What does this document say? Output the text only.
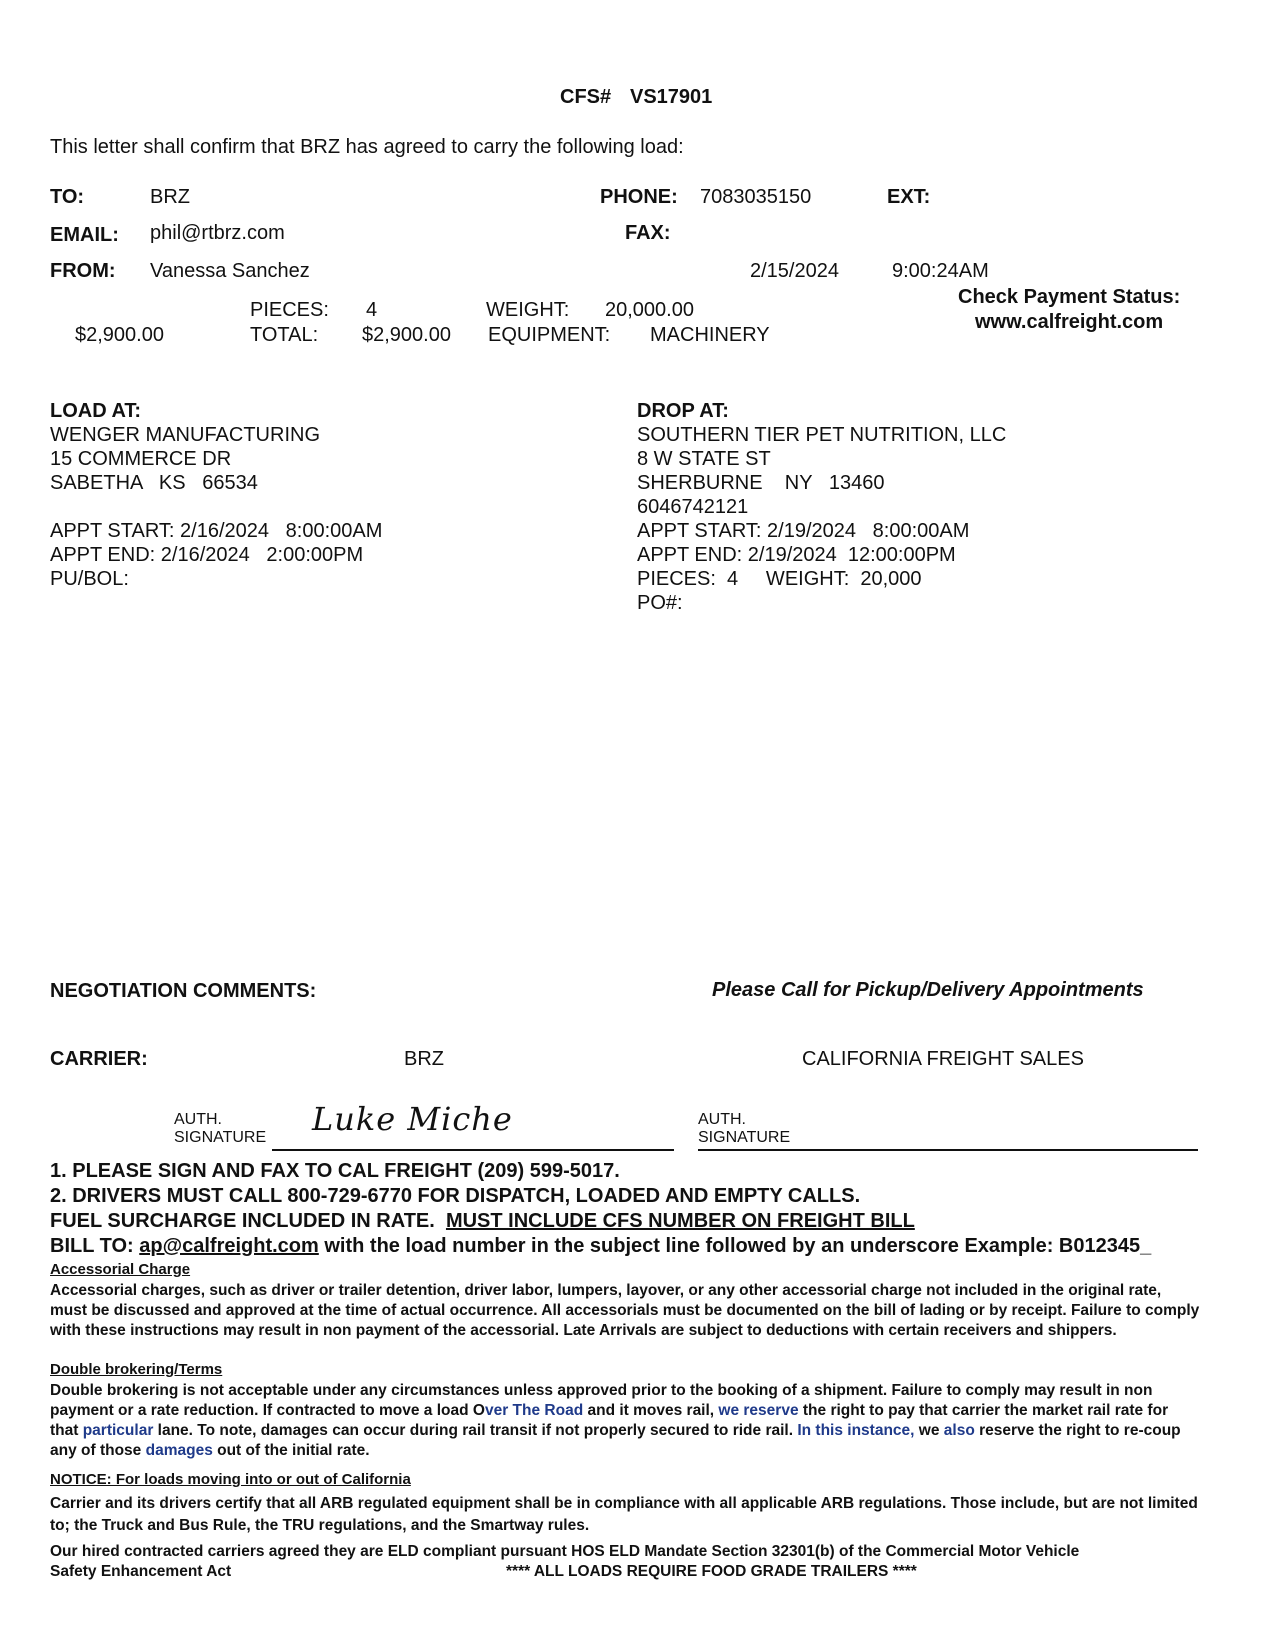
CFS# VS17901
This letter shall confirm that BRZ has agreed to carry the following load:
TO:	BRZ	PHONE: 7083035150	EXT:
EMAIL: phil@rtbrz.com	FAX:
FROM: Vanessa Sanchez	2/15/2024	9:00:24AM
Check Payment Status:
www.calfreight.com
PIECES: 4	WEIGHT: 20,000.00
$2,900.00	TOTAL: $2,900.00 EQUIPMENT: MACHINERY
LOAD AT:
WENGER MANUFACTURING
15 COMMERCE DR
SABETHA   KS   66534
APPT START: 2/16/2024   8:00:00AM
APPT END: 2/16/2024   2:00:00PM
PU/BOL:
DROP AT:
SOUTHERN TIER PET NUTRITION, LLC
8 W STATE ST
SHERBURNE    NY   13460
6046742121
APPT START: 2/19/2024   8:00:00AM
APPT END: 2/19/2024  12:00:00PM
PIECES:  4     WEIGHT:  20,000
PO#:
NEGOTIATION COMMENTS:	Please Call for Pickup/Delivery Appointments
CARRIER:	BRZ	CALIFORNIA FREIGHT SALES
AUTH.
SIGNATURE Luke Miche	AUTH.
SIGNATURE
1. PLEASE SIGN AND FAX TO CAL FREIGHT (209) 599-5017.
2. DRIVERS MUST CALL 800-729-6770 FOR DISPATCH, LOADED AND EMPTY CALLS.
FUEL SURCHARGE INCLUDED IN RATE. MUST INCLUDE CFS NUMBER ON FREIGHT BILL
BILL TO: ap@calfreight.com with the load number in the subject line followed by an underscore Example: B012345_
Accessorial Charge
Accessorial charges, such as driver or trailer detention, driver labor, lumpers, layover, or any other accessorial charge not included in the original rate, must be discussed and approved at the time of actual occurrence. All accessorials must be documented on the bill of lading or by receipt. Failure to comply with these instructions may result in non payment of the accessorial. Late Arrivals are subject to deductions with certain receivers and shippers.
Double brokering/Terms
Double brokering is not acceptable under any circumstances unless approved prior to the booking of a shipment. Failure to comply may result in non payment or a rate reduction. If contracted to move a load Over The Road and it moves rail, we reserve the right to pay that carrier the market rail rate for that particular lane. To note, damages can occur during rail transit if not properly secured to ride rail. In this instance, we also reserve the right to re-coup any of those damages out of the initial rate.
NOTICE: For loads moving into or out of California
Carrier and its drivers certify that all ARB regulated equipment shall be in compliance with all applicable ARB regulations. Those include, but are not limited to; the Truck and Bus Rule, the TRU regulations, and the Smartway rules.
Our hired contracted carriers agreed they are ELD compliant pursuant HOS ELD Mandate Section 32301(b) of the Commercial Motor Vehicle
Safety Enhancement Act	**** ALL LOADS REQUIRE FOOD GRADE TRAILERS ****
